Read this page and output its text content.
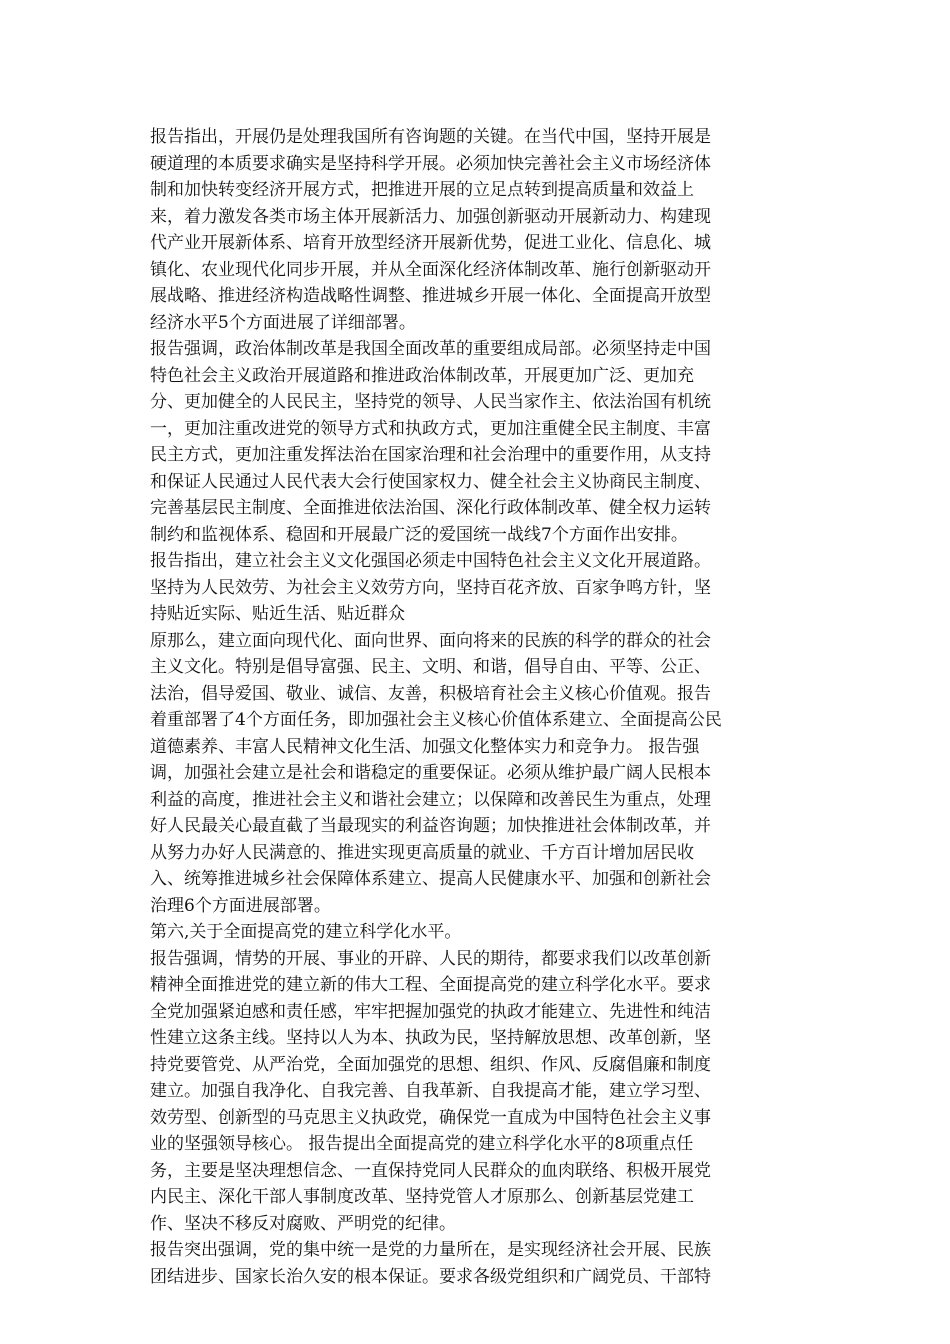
报告指出，开展仍是处理我国所有咨询题的关键。在当代中国，坚持开展是
硬道理的本质要求确实是坚持科学开展。必须加快完善社会主义市场经济体
制和加快转变经济开展方式，把推进开展的立足点转到提高质量和效益上
来，着力激发各类市场主体开展新活力、加强创新驱动开展新动力、构建现
代产业开展新体系、培育开放型经济开展新优势，促进工业化、信息化、城
镇化、农业现代化同步开展，并从全面深化经济体制改革、施行创新驱动开
展战略、推进经济构造战略性调整、推进城乡开展一体化、全面提高开放型
经济水平5个方面进展了详细部署。
报告强调，政治体制改革是我国全面改革的重要组成局部。必须坚持走中国
特色社会主义政治开展道路和推进政治体制改革，开展更加广泛、更加充
分、更加健全的人民民主，坚持党的领导、人民当家作主、依法治国有机统
一，更加注重改进党的领导方式和执政方式，更加注重健全民主制度、丰富
民主方式，更加注重发挥法治在国家治理和社会治理中的重要作用，从支持
和保证人民通过人民代表大会行使国家权力、健全社会主义协商民主制度、
完善基层民主制度、全面推进依法治国、深化行政体制改革、健全权力运转
制约和监视体系、稳固和开展最广泛的爱国统一战线7个方面作出安排。
报告指出，建立社会主义文化强国必须走中国特色社会主义文化开展道路。
坚持为人民效劳、为社会主义效劳方向，坚持百花齐放、百家争鸣方针，坚
持贴近实际、贴近生活、贴近群众
原那么，建立面向现代化、面向世界、面向将来的民族的科学的群众的社会
主义文化。特别是倡导富强、民主、文明、和谐，倡导自由、平等、公正、
法治，倡导爱国、敬业、诚信、友善，积极培育社会主义核心价值观。报告
着重部署了4个方面任务，即加强社会主义核心价值体系建立、全面提高公民
道德素养、丰富人民精神文化生活、加强文化整体实力和竞争力。 报告强
调，加强社会建立是社会和谐稳定的重要保证。必须从维护最广阔人民根本
利益的高度，推进社会主义和谐社会建立；以保障和改善民生为重点，处理
好人民最关心最直截了当最现实的利益咨询题；加快推进社会体制改革，并
从努力办好人民满意的、推进实现更高质量的就业、千方百计增加居民收
入、统筹推进城乡社会保障体系建立、提高人民健康水平、加强和创新社会
治理6个方面进展部署。
第六,关于全面提高党的建立科学化水平。
报告强调，情势的开展、事业的开辟、人民的期待，都要求我们以改革创新
精神全面推进党的建立新的伟大工程、全面提高党的建立科学化水平。要求
全党加强紧迫感和责任感，牢牢把握加强党的执政才能建立、先进性和纯洁
性建立这条主线。坚持以人为本、执政为民，坚持解放思想、改革创新，坚
持党要管党、从严治党，全面加强党的思想、组织、作风、反腐倡廉和制度
建立。加强自我净化、自我完善、自我革新、自我提高才能，建立学习型、
效劳型、创新型的马克思主义执政党，确保党一直成为中国特色社会主义事
业的坚强领导核心。 报告提出全面提高党的建立科学化水平的8项重点任
务，主要是坚决理想信念、一直保持党同人民群众的血肉联络、积极开展党
内民主、深化干部人事制度改革、坚持党管人才原那么、创新基层党建工
作、坚决不移反对腐败、严明党的纪律。
报告突出强调，党的集中统一是党的力量所在，是实现经济社会开展、民族
团结进步、国家长治久安的根本保证。要求各级党组织和广阔党员、干部特
